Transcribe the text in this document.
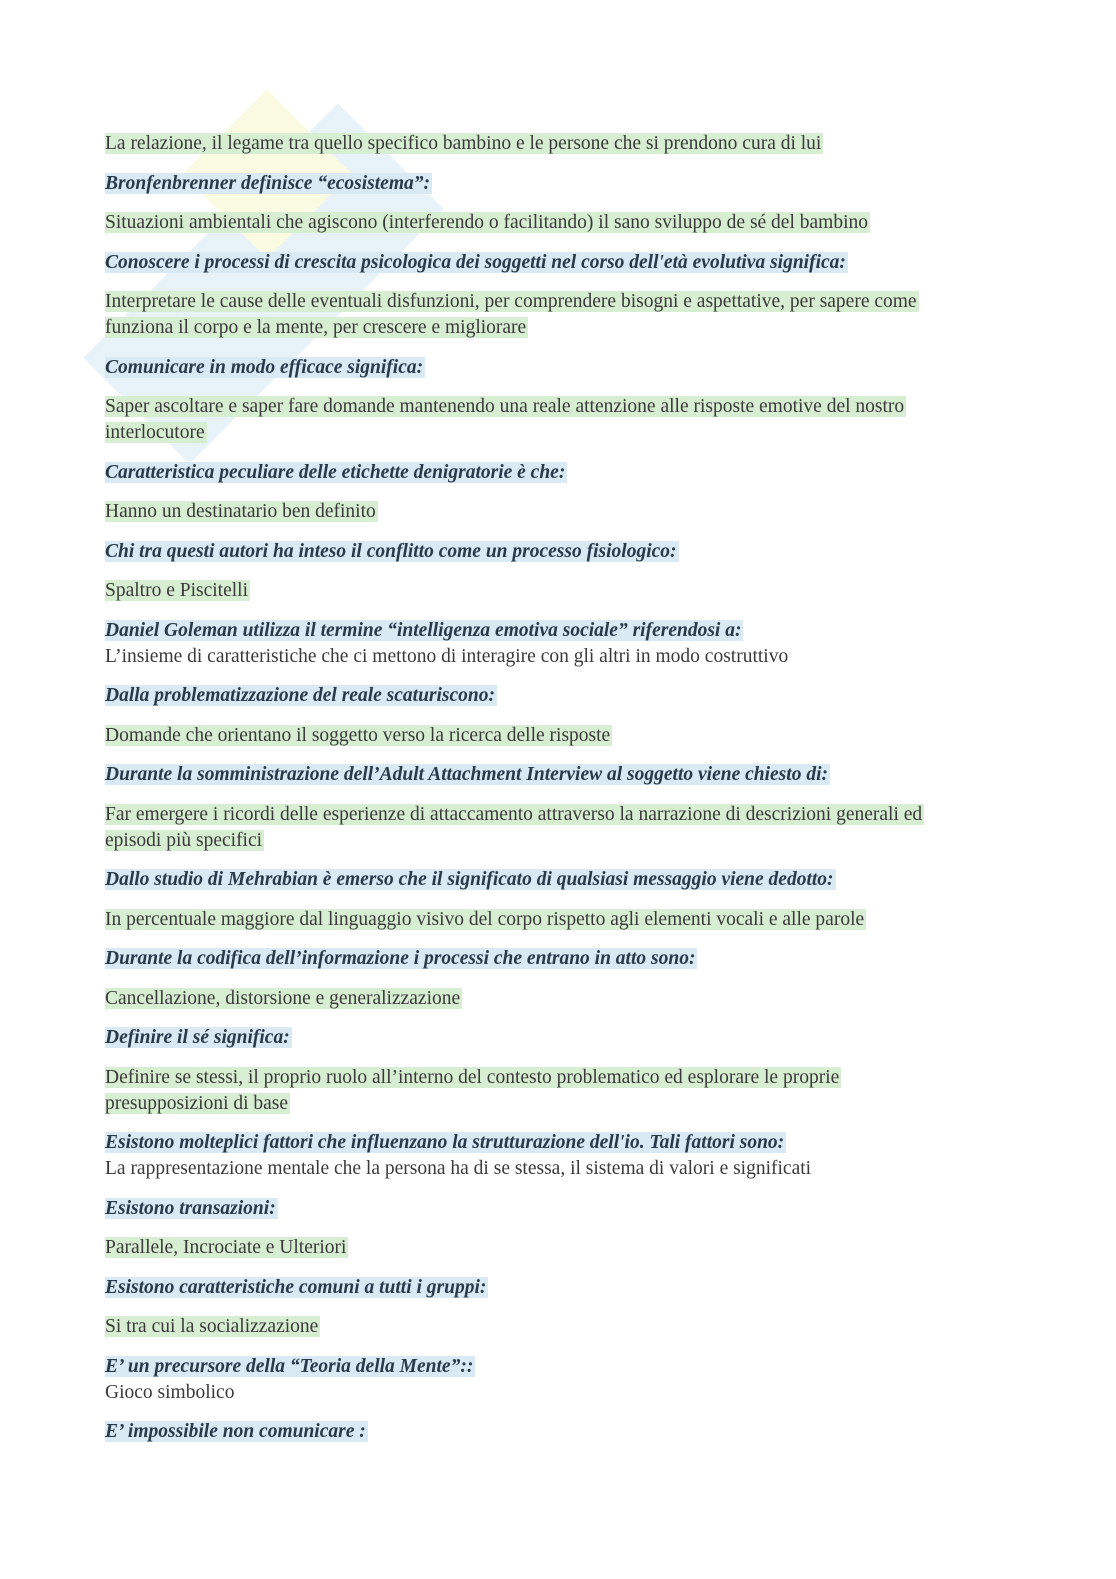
La relazione, il legame tra quello specifico bambino e le persone che si prendono cura di lui
Bronfenbrenner definisce “ecosistema”:
Situazioni ambientali che agiscono (interferendo o facilitando) il sano sviluppo de sé del bambino
Conoscere i processi di crescita psicologica dei soggetti nel corso dell'età evolutiva significa:
Interpretare le cause delle eventuali disfunzioni, per comprendere bisogni e aspettative, per sapere come
funziona il corpo e la mente, per crescere e migliorare
Comunicare in modo efficace significa:
Saper ascoltare e saper fare domande mantenendo una reale attenzione alle risposte emotive del nostro
interlocutore
Caratteristica peculiare delle etichette denigratorie è che:
Hanno un destinatario ben definito
Chi tra questi autori ha inteso il conflitto come un processo fisiologico:
Spaltro e Piscitelli
Daniel Goleman utilizza il termine “intelligenza emotiva sociale” riferendosi a:
L’insieme di caratteristiche che ci mettono di interagire con gli altri in modo costruttivo
Dalla problematizzazione del reale scaturiscono:
Domande che orientano il soggetto verso la ricerca delle risposte
Durante la somministrazione dell’Adult Attachment Interview al soggetto viene chiesto di:
Far emergere i ricordi delle esperienze di attaccamento attraverso la narrazione di descrizioni generali ed
episodi più specifici
Dallo studio di Mehrabian è emerso che il significato di qualsiasi messaggio viene dedotto:
In percentuale maggiore dal linguaggio visivo del corpo rispetto agli elementi vocali e alle parole
Durante la codifica dell’informazione i processi che entrano in atto sono:
Cancellazione, distorsione e generalizzazione
Definire il sé significa:
Definire se stessi, il proprio ruolo all’interno del contesto problematico ed esplorare le proprie
presupposizioni di base
Esistono molteplici fattori che influenzano la strutturazione dell'io. Tali fattori sono:
La rappresentazione mentale che la persona ha di se stessa, il sistema di valori e significati
Esistono transazioni:
Parallele, Incrociate e Ulteriori
Esistono caratteristiche comuni a tutti i gruppi:
Si tra cui la socializzazione
E’ un precursore della “Teoria della Mente”::
Gioco simbolico
E’ impossibile non comunicare :
